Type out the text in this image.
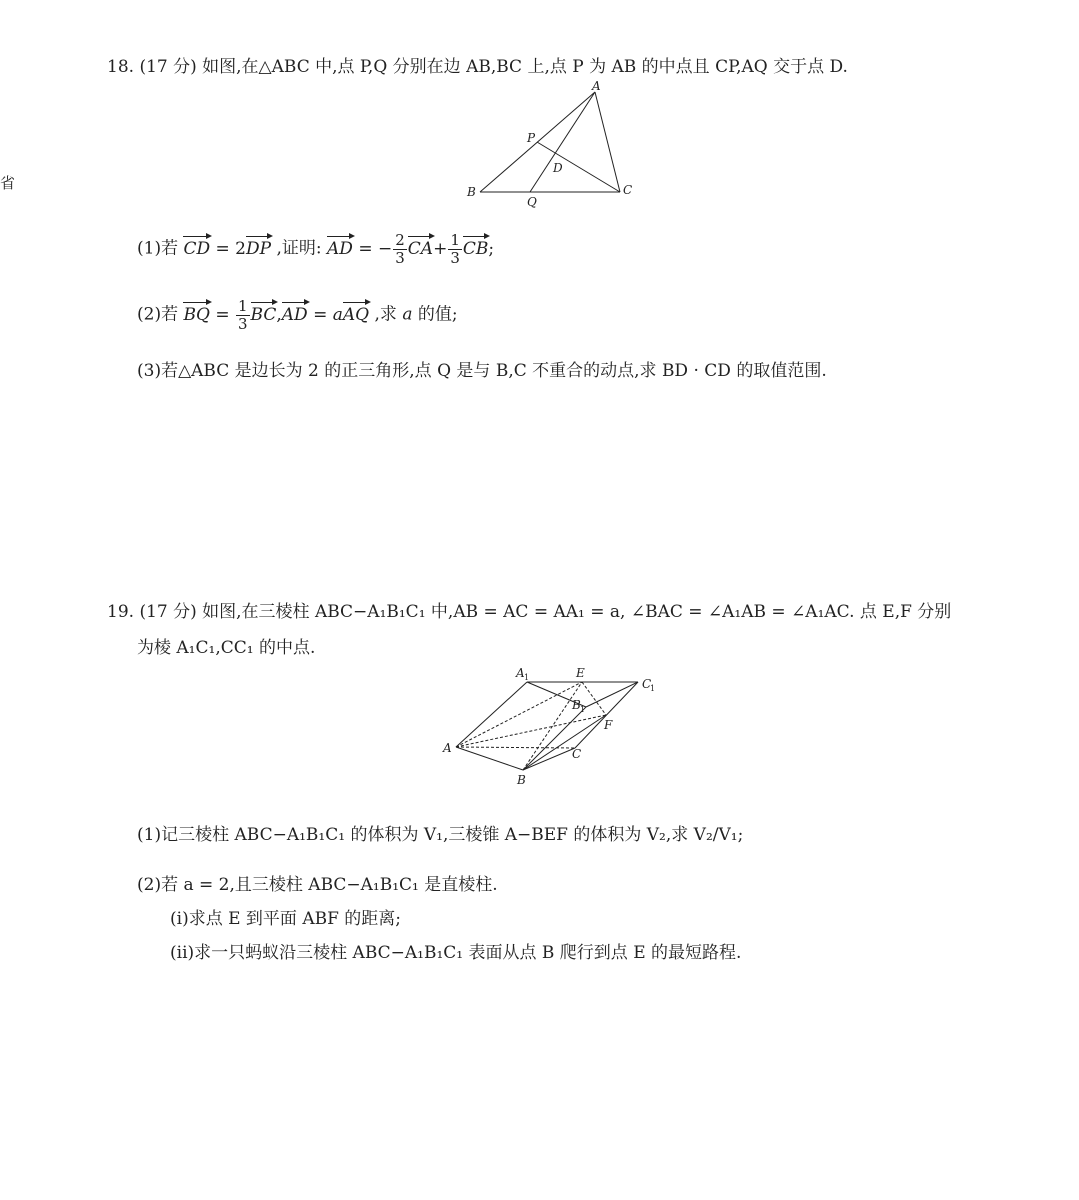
省
18. (17 分) 如图,在△ABC 中,点 P,Q 分别在边 AB,BC 上,点 P 为 AB 的中点且 CP,AQ 交于点 D.
A
B	C
P
Q
D
(1)若 CD = 2DP ,证明: AD = − $\frac{2}{3} CA+ \frac{1}{3}$ CB;
(2)若 BQ = $\frac{1}{3} BC,AD$ = aAQ ,求 a 的值;
(3)若△ABC 是边长为 2 的正三角形,点 Q 是与 B,C 不重合的动点,求 BD · CD 的取值范围.
19. (17 分) 如图,在三棱柱 ABC−A₁B₁C₁ 中,AB = AC = AA₁ = a, ∠BAC = ∠A₁AB = ∠A₁AC. 点 E,F 分别
为棱 A₁C₁,CC₁ 的中点.
A 1	E
C
1
B 1
F
A	C
B
(1)记三棱柱 ABC−A₁B₁C₁ 的体积为 V₁,三棱锥 A−BEF 的体积为 V₂,求 V₂/V₁;
(2)若 a = 2,且三棱柱 ABC−A₁B₁C₁ 是直棱柱.
(i)求点 E 到平面 ABF 的距离;
(ii)求一只蚂蚁沿三棱柱 ABC−A₁B₁C₁ 表面从点 B 爬行到点 E 的最短路程.
